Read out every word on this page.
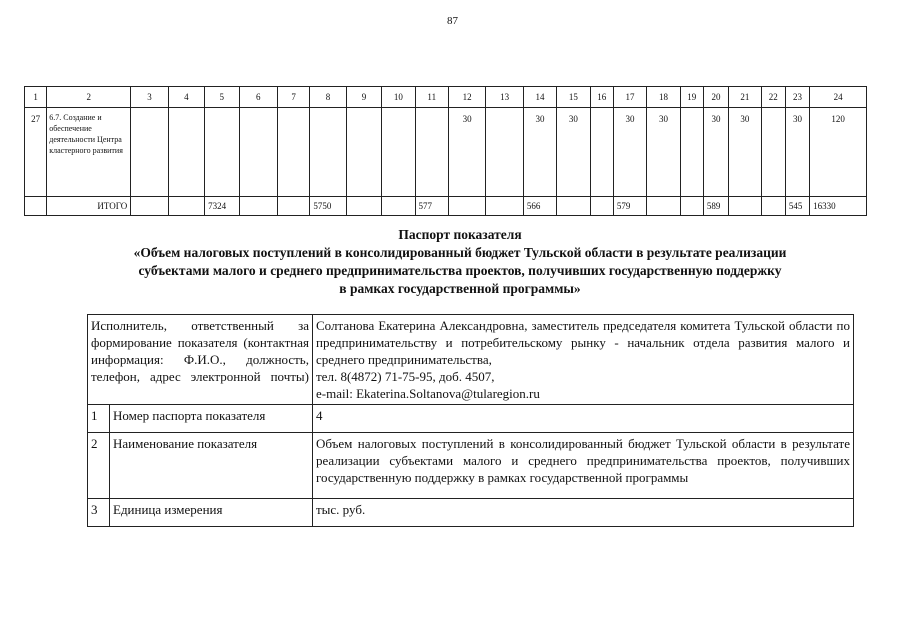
87
1	2	3	4	5	6	7	8	9	10	11	12	13	14	15	16	17	18	19	20	21	22	23	24
27	6.7. Создание и обеспечение деятельности Центра кластерного развития										30		30	30		30	30		30	30		30	120
	ИТОГО			7324			5750			577			566			579			589			545	16330
Паспорт показателя
«Объем налоговых поступлений в консолидированный бюджет Тульской области в результате реализации
субъектами малого и среднего предпринимательства проектов, получивших государственную поддержку
в рамках государственной программы»
Исполнитель, ответственный за формирование показателя (контактная информация: Ф.И.О., должность, телефон, адрес электронной почты)		Солтанова Екатерина Александровна, заместитель председателя комитета Тульской области по предпринимательству и потребительскому рынку - начальник отдела развития малого и среднего предпринимательства,
тел. 8(4872) 71-75-95, доб. 4507,
e-mail: Ekaterina.Soltanova@tularegion.ru

1	Номер паспорта показателя	4
2	Наименование показателя	Объем налоговых поступлений в консолидированный бюджет Тульской области в результате реализации субъектами малого и среднего предпринимательства проектов, получивших государственную поддержку в рамках государственной программы
3	Единица измерения	тыс. руб.
